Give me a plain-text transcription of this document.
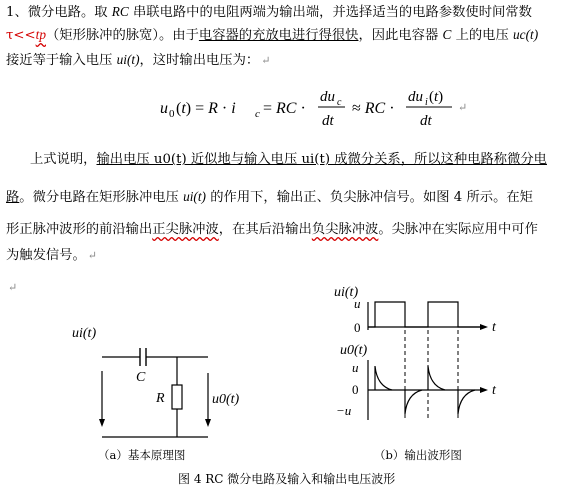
1、微分电路。取 RC 串联电路中的电阻两端为输出端，并选择适当的电路参数使时间常数
τ<<tp（矩形脉冲的脉宽）。由于电容器的充放电进行得很快，因此电容器 C 上的电压 uc(t)
接近等于输入电压 ui(t)，这时输出电压为： ↵
u 0 (t) = R · i c = RC ·
du c
dt
≈ RC ·
du i (t)
dt
↵
上式说明，输出电压 u0(t) 近似地与输入电压 ui(t) 成微分关系，所以这种电路称微分电
路。微分电路在矩形脉冲电压 ui(t) 的作用下，输出正、负尖脉冲信号。如图 4 所示。在矩
形正脉冲波形的前沿输出正尖脉冲波，在其后沿输出负尖脉冲波。尖脉冲在实际应用中可作
为触发信号。 ↵
↵
ui(t)
C
R	u0(t)
（a）基本原理图
ui(t)
t
u
0
u0(t)
t
u
0
−u
（b）输出波形图
图 4 RC 微分电路及输入和输出电压波形
